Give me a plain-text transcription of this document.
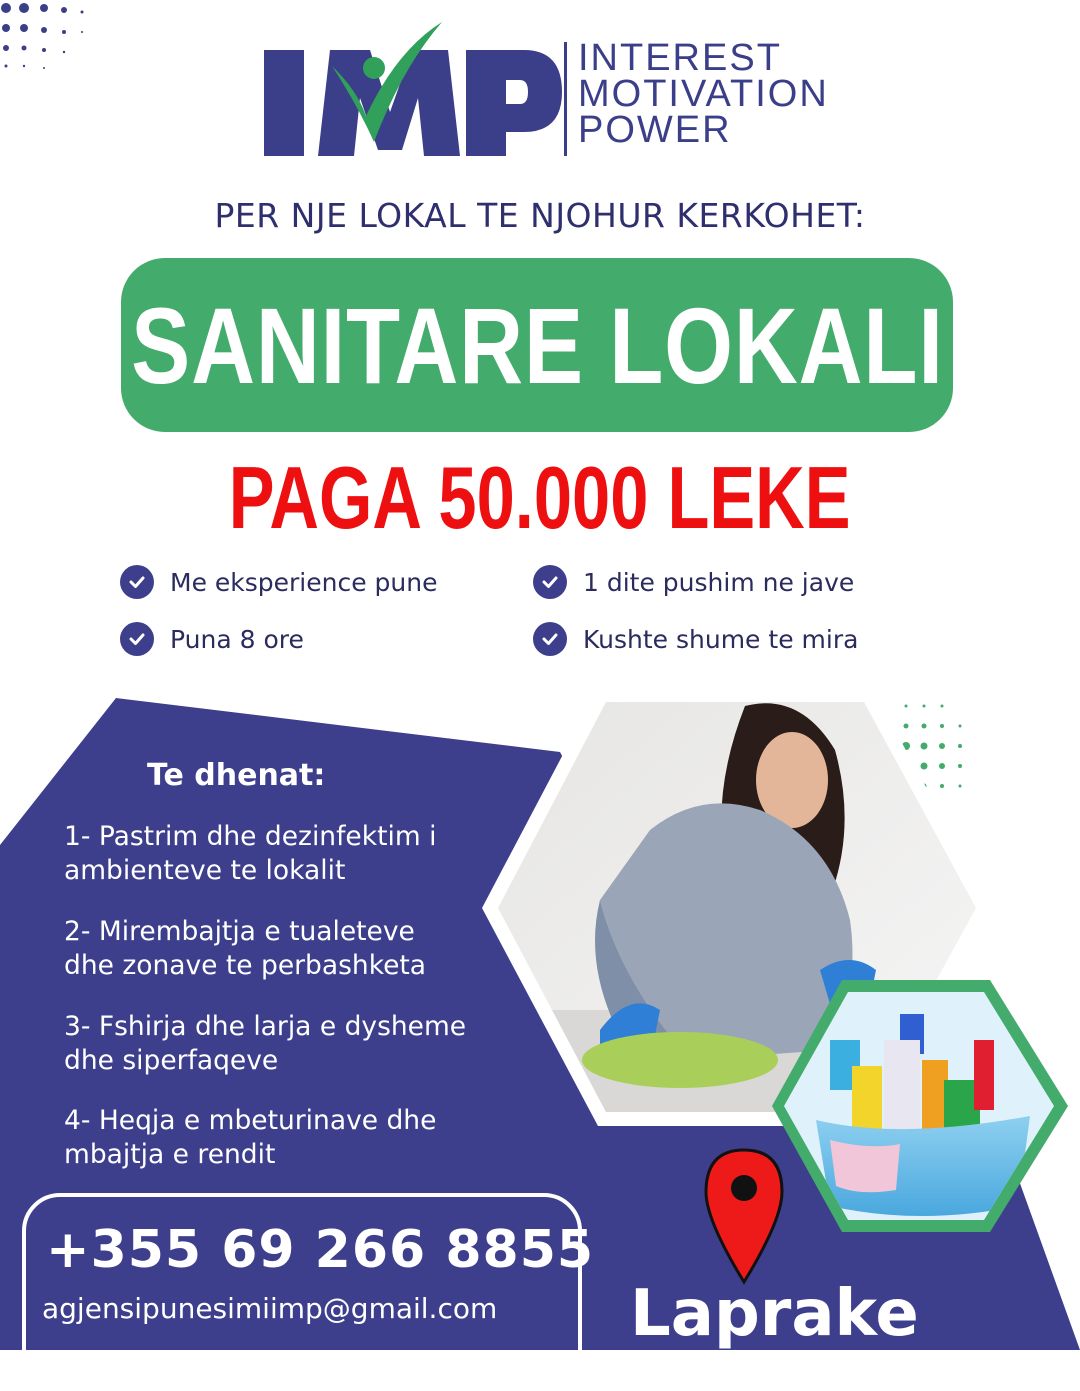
INTEREST
MOTIVATION
POWER
PER NJE LOKAL TE NJOHUR KERKOHET:
SANITARE LOKALI
PAGA 50.000 LEKE
Me eksperience pune	1 dite pushim ne jave
Puna 8 ore	Kushte shume te mira
Te dhenat:
1- Pastrim dhe dezinfektim i
ambienteve te lokalit
2- Mirembajtja e tualeteve
dhe zonave te perbashketa
3- Fshirja dhe larja e dysheme
dhe siperfaqeve
4- Heqja e mbeturinave dhe
mbajtja e rendit
+355 69 266 8855
agjensipunesimiimp@gmail.com Laprake
